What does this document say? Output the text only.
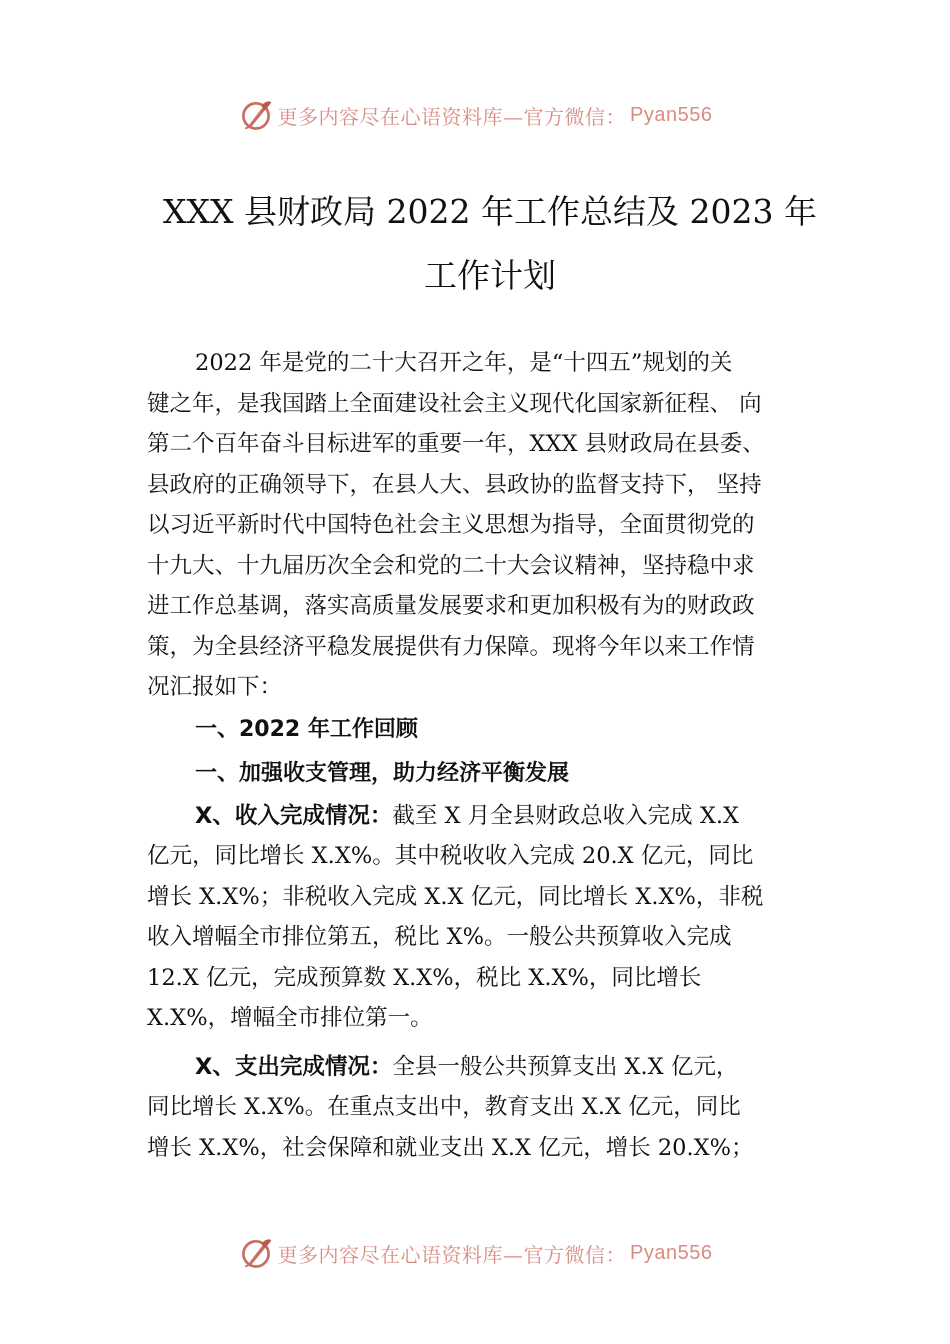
更多内容尽在心语资料库—官方微信： Pyan556
XXX 县财政局 2022 年工作总结及 2023 年
工作计划
2022 年是党的二十大召开之年，是“十四五”规划的关
键之年，是我国踏上全面建设社会主义现代化国家新征程、 向
第二个百年奋斗目标进军的重要一年，XXX 县财政局在县委、
县政府的正确领导下，在县人大、县政协的监督支持下， 坚持
以习近平新时代中国特色社会主义思想为指导，全面贯彻党的
十九大、十九届历次全会和党的二十大会议精神，坚持稳中求
进工作总基调，落实高质量发展要求和更加积极有为的财政政
策，为全县经济平稳发展提供有力保障。现将今年以来工作情
况汇报如下：
一、2022 年工作回顾
一、加强收支管理，助力经济平衡发展
X、收入完成情况：截至 X 月全县财政总收入完成 X.X
亿元，同比增长 X.X%。其中税收收入完成 20.X 亿元，同比
增长 X.X%；非税收入完成 X.X 亿元，同比增长 X.X%，非税
收入增幅全市排位第五，税比 X%。一般公共预算收入完成
12.X 亿元，完成预算数 X.X%，税比 X.X%，同比增长
X.X%，增幅全市排位第一。
X、支出完成情况：全县一般公共预算支出 X.X 亿元，
同比增长 X.X%。在重点支出中，教育支出 X.X 亿元，同比
增长 X.X%，社会保障和就业支出 X.X 亿元，增长 20.X%；
更多内容尽在心语资料库—官方微信： Pyan556
